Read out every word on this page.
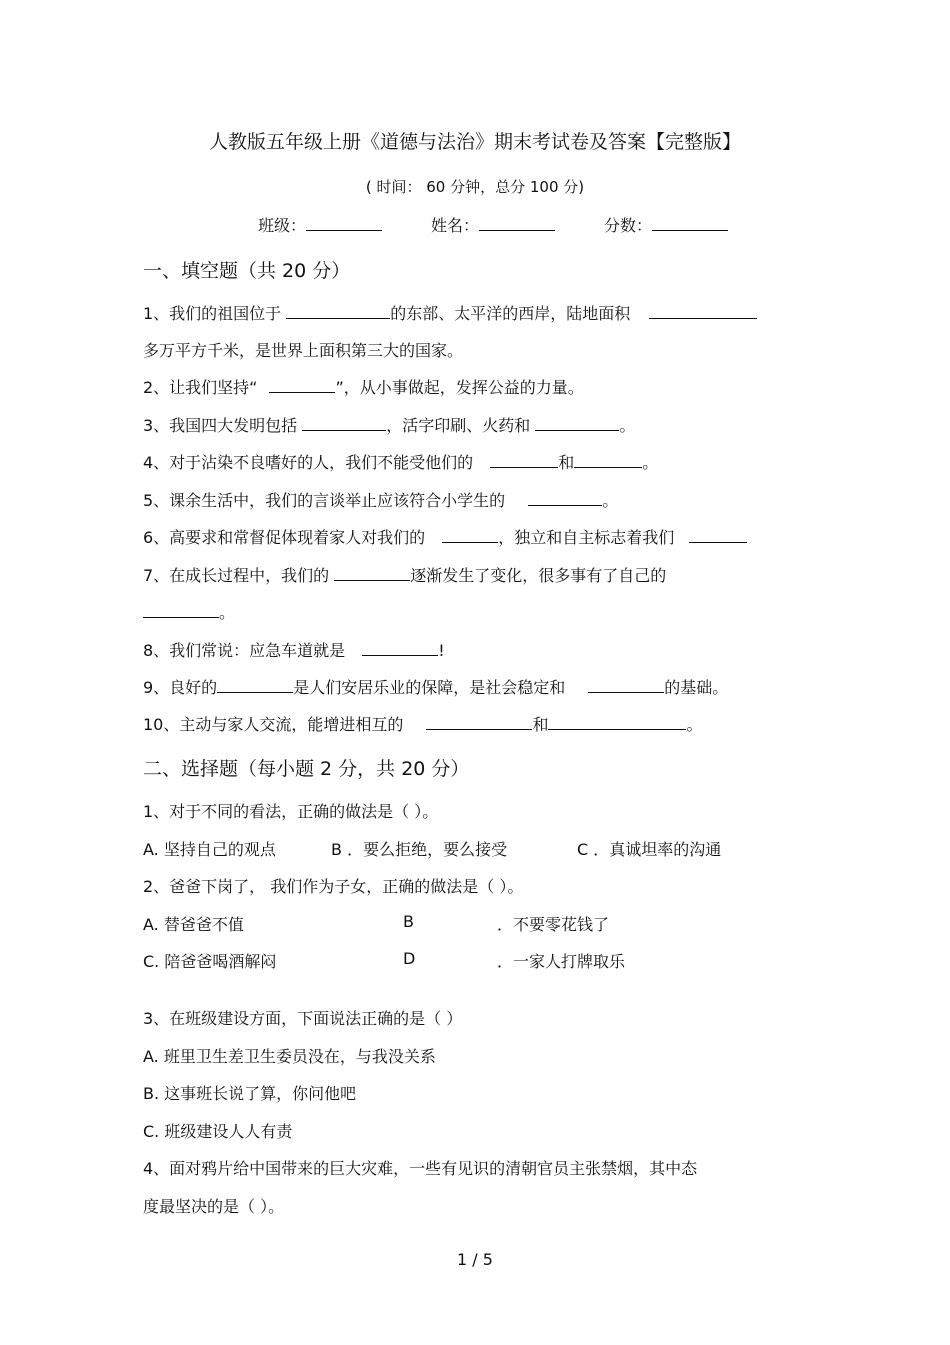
人教版五年级上册《道德与法治》期末考试卷及答案【完整版】
( 时间： 60 分钟，总分 100 分)
班级：	姓名：	分数：
一、填空题（共 20 分）
1、我们的祖国位于	的东部、太平洋的西岸，陆地面积
多万平方千米，是世界上面积第三大的国家。
2、让我们坚持“	”，从小事做起，发挥公益的力量。
3、我国四大发明包括	，活字印刷、火药和	。
4、对于沾染不良嗜好的人，我们不能受他们的	和	。
5、课余生活中，我们的言谈举止应该符合小学生的	。
6、高要求和常督促体现着家人对我们的	，独立和自主标志着我们
7、在成长过程中，我们的	逐渐发生了变化，很多事有了自己的
。
8、我们常说：应急车道就是	!
9、良好的	是人们安居乐业的保障，是社会稳定和	的基础。
10、主动与家人交流，能增进相互的	和	。
二、选择题（每小题 2 分，共 20 分）
1、对于不同的看法，正确的做法是（ ）。
A. 坚持自己的观点	B ．要么拒绝，要么接受	C ．真诚坦率的沟通
2、爸爸下岗了， 我们作为子女，正确的做法是（ ）。
A. 替爸爸不值	B	．不要零花钱了
C. 陪爸爸喝酒解闷	D	．一家人打牌取乐
3、在班级建设方面，下面说法正确的是（ ）
A. 班里卫生差卫生委员没在，与我没关系
B. 这事班长说了算，你问他吧
C. 班级建设人人有责
4、面对鸦片给中国带来的巨大灾难，一些有见识的清朝官员主张禁烟，其中态
度最坚决的是（ ）。
1 / 5
